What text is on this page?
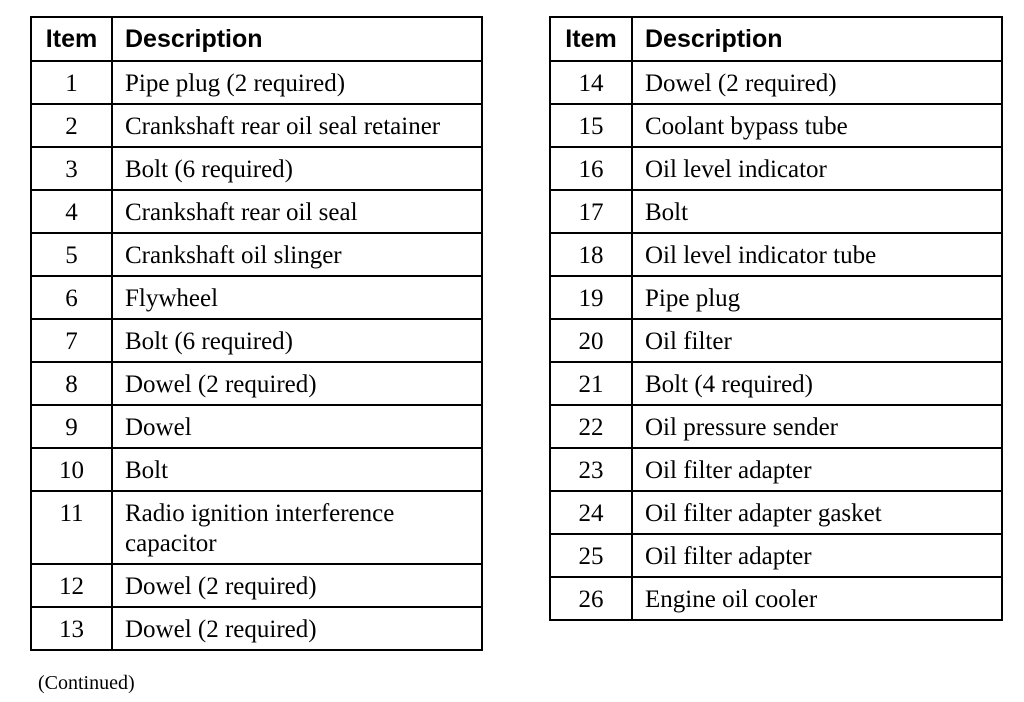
Item	Description
1	Pipe plug (2 required)
2	Crankshaft rear oil seal retainer
3	Bolt (6 required)
4	Crankshaft rear oil seal
5	Crankshaft oil slinger
6	Flywheel
7	Bolt (6 required)
8	Dowel (2 required)
9	Dowel
10	Bolt
11	Radio ignition interference capacitor
12	Dowel (2 required)
13	Dowel (2 required)
Item	Description
14	Dowel (2 required)
15	Coolant bypass tube
16	Oil level indicator
17	Bolt
18	Oil level indicator tube
19	Pipe plug
20	Oil filter
21	Bolt (4 required)
22	Oil pressure sender
23	Oil filter adapter
24	Oil filter adapter gasket
25	Oil filter adapter
26	Engine oil cooler
(Continued)
